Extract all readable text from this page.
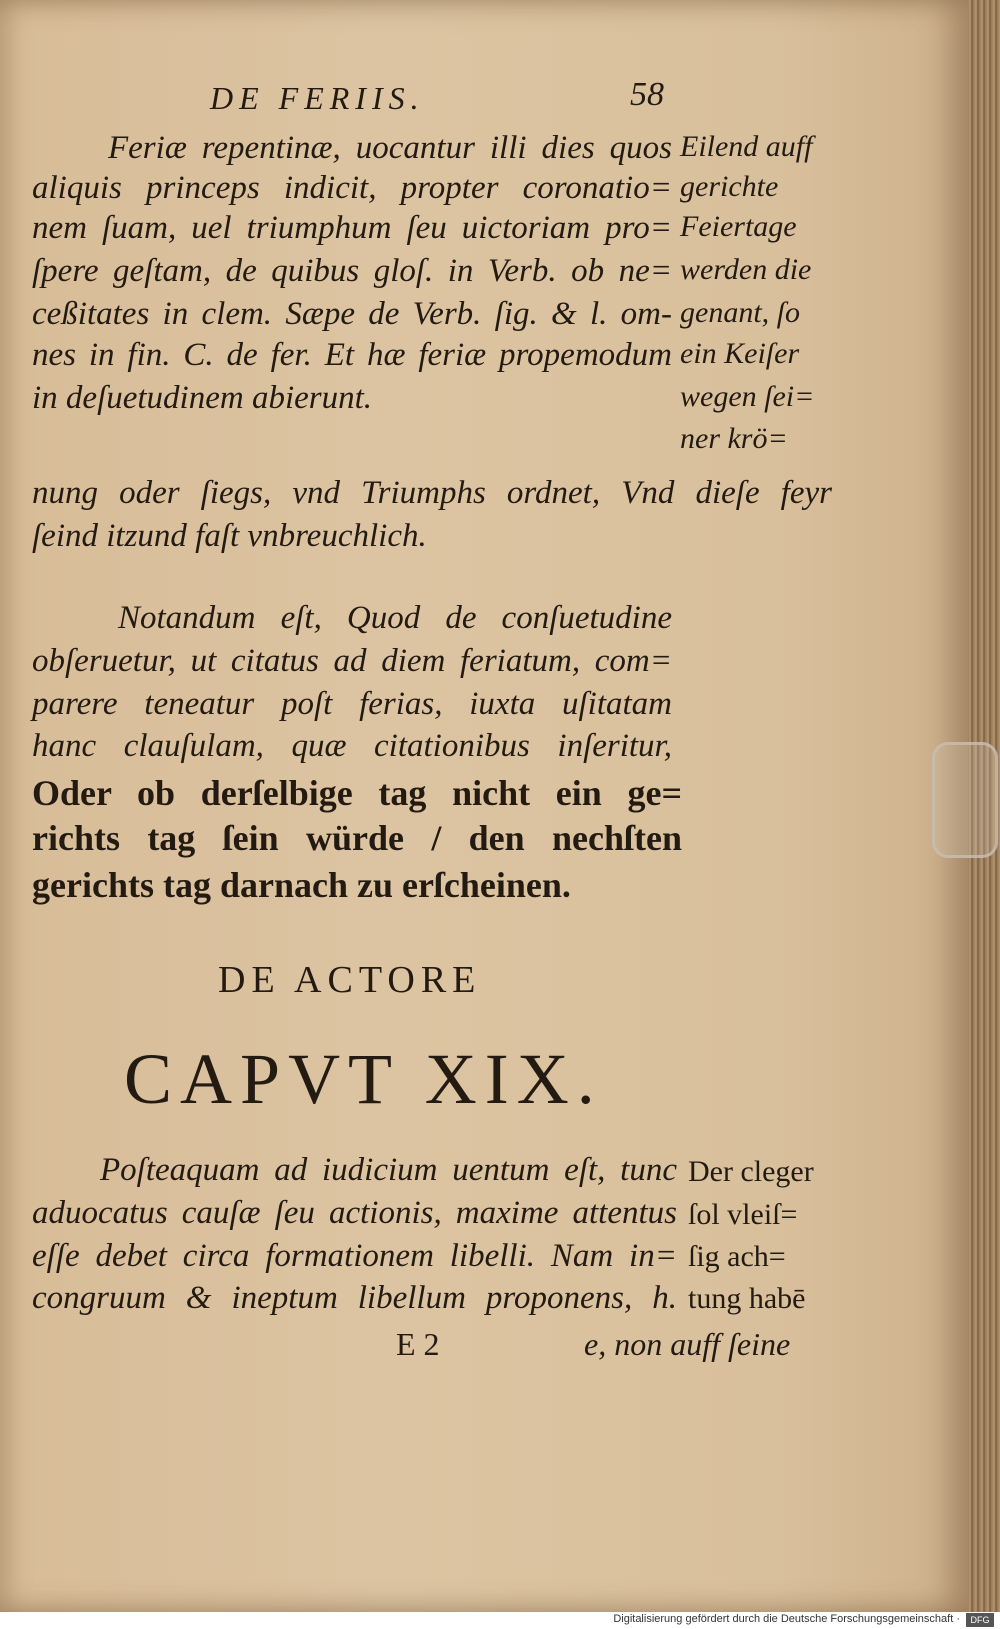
DE FERIIS.	58
Feriæ repentinæ, uocantur illi dies quos
aliquis princeps indicit, propter coronatio=
nem ſuam, uel triumphum ſeu uictoriam pro=
ſpere geſtam, de quibus gloſ. in Verb. ob ne=
ceßitates in clem. Sæpe de Verb. ſig. & l. om-
nes in fin. C. de fer. Et hæ feriæ propemodum
in deſuetudinem abierunt.
Eilend auff
gerichte
Feiertage
werden die
genant, ſo
ein Keiſer
wegen ſei=
ner krö=
nung oder ſiegs, vnd Triumphs ordnet, Vnd dieſe feyr
ſeind itzund faſt vnbreuchlich.
Notandum eſt, Quod de conſuetudine
obſeruetur, ut citatus ad diem feriatum, com=
parere teneatur poſt ferias, iuxta uſitatam
hanc clauſulam, quæ citationibus inſeritur,
Oder ob derſelbige tag nicht ein ge=
richts tag ſein würde / den nechſten
gerichts tag darnach zu erſcheinen.
DE ACTORE
CAPVT XIX.
Poſteaquam ad iudicium uentum eſt, tunc
aduocatus cauſæ ſeu actionis, maxime attentus
eſſe debet circa formationem libelli. Nam in=
congruum & ineptum libellum proponens, h.
Der cleger
ſol vleiſ=
ſig ach=
tung habē
E 2	e, non auff ſeine
Digitalisierung gefördert durch die Deutsche Forschungsgemeinschaft ·	DFG
